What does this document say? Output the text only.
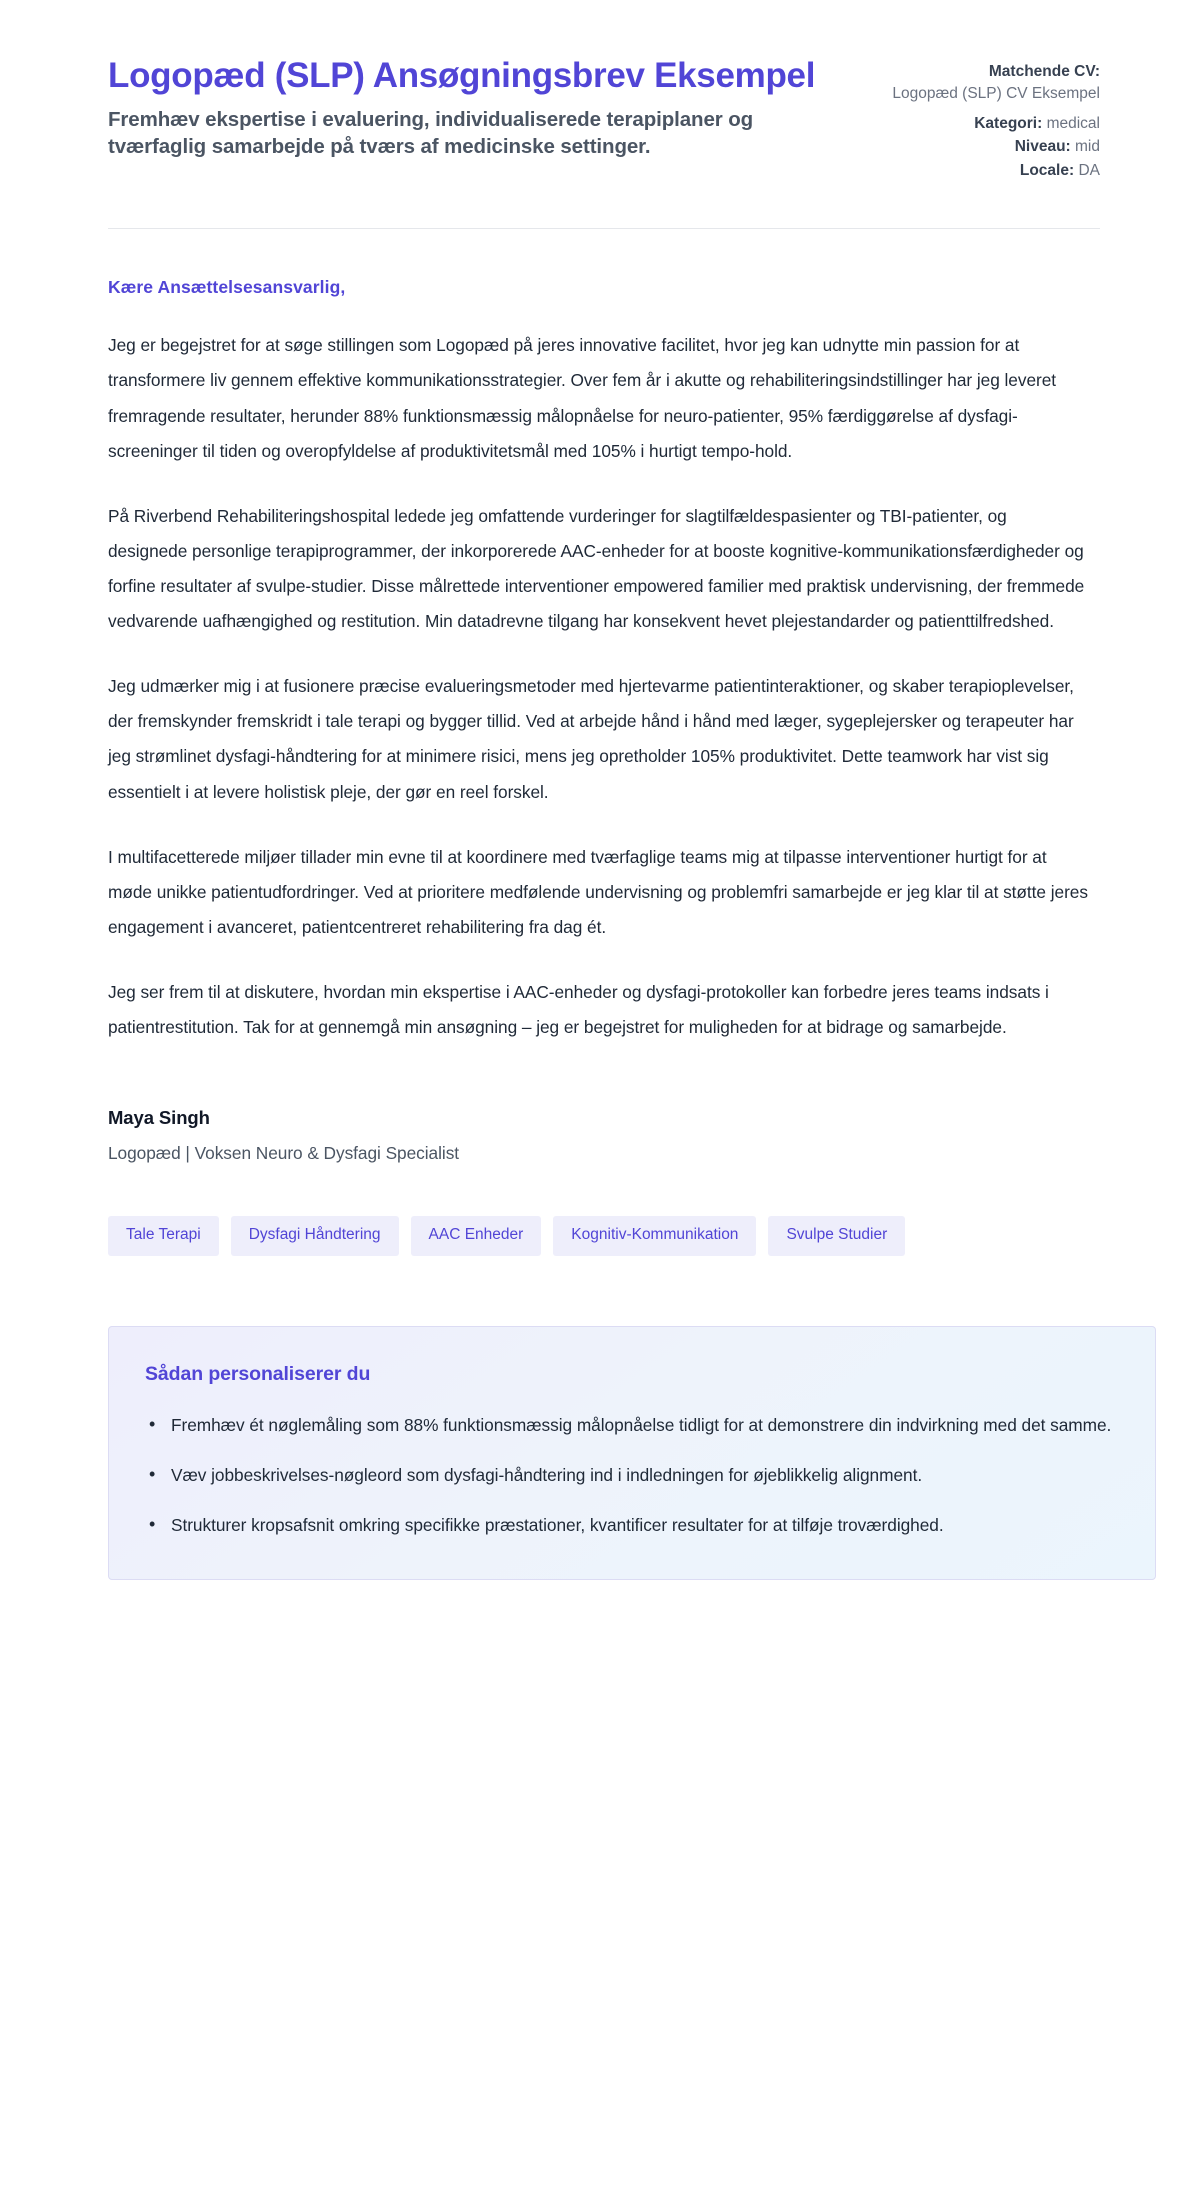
Logopæd (SLP) Ansøgningsbrev Eksempel

Fremhæv ekspertise i evaluering, individualiserede terapiplaner og tværfaglig samarbejde på tværs af medicinske settinger.

Matchende CV:
Logopæd (SLP) CV Eksempel
Kategori: medical
Niveau: mid
Locale: DA

Kære Ansættelsesansvarlig,

Jeg er begejstret for at søge stillingen som Logopæd på jeres innovative facilitet, hvor jeg kan udnytte min passion for at transformere liv gennem effektive kommunikationsstrategier. Over fem år i akutte og rehabiliteringsindstillinger har jeg leveret fremragende resultater, herunder 88% funktionsmæssig målopnåelse for neuro-patienter, 95% færdiggørelse af dysfagi-screeninger til tiden og overopfyldelse af produktivitetsmål med 105% i hurtigt tempo-hold.

På Riverbend Rehabiliteringshospital ledede jeg omfattende vurderinger for slagtilfældespasienter og TBI-patienter, og designede personlige terapiprogrammer, der inkorporerede AAC-enheder for at booste kognitive-kommunikationsfærdigheder og forfine resultater af svulpe-studier. Disse målrettede interventioner empowered familier med praktisk undervisning, der fremmede vedvarende uafhængighed og restitution. Min datadrevne tilgang har konsekvent hevet plejestandarder og patienttilfredshed.

Jeg udmærker mig i at fusionere præcise evalueringsmetoder med hjertevarme patientinteraktioner, og skaber terapioplevelser, der fremskynder fremskridt i tale terapi og bygger tillid. Ved at arbejde hånd i hånd med læger, sygeplejersker og terapeuter har jeg strømlinet dysfagi-håndtering for at minimere risici, mens jeg opretholder 105% produktivitet. Dette teamwork har vist sig essentielt i at levere holistisk pleje, der gør en reel forskel.

I multifacetterede miljøer tillader min evne til at koordinere med tværfaglige teams mig at tilpasse interventioner hurtigt for at møde unikke patientudfordringer. Ved at prioritere medfølende undervisning og problemfri samarbejde er jeg klar til at støtte jeres engagement i avanceret, patientcentreret rehabilitering fra dag ét.

Jeg ser frem til at diskutere, hvordan min ekspertise i AAC-enheder og dysfagi-protokoller kan forbedre jeres teams indsats i patientrestitution. Tak for at gennemgå min ansøgning – jeg er begejstret for muligheden for at bidrage og samarbejde.

Maya Singh
Logopæd | Voksen Neuro & Dysfagi Specialist
Tale Terapi	Dysfagi Håndtering	AAC Enheder	Kognitiv-Kommunikation	Svulpe Studier
Sådan personaliserer du
• Fremhæv ét nøglemåling som 88% funktionsmæssig målopnåelse tidligt for at demonstrere din indvirkning med det samme.
• Væv jobbeskrivelses-nøgleord som dysfagi-håndtering ind i indledningen for øjeblikkelig alignment.
• Strukturer kropsafsnit omkring specifikke præstationer, kvantificer resultater for at tilføje troværdighed.
